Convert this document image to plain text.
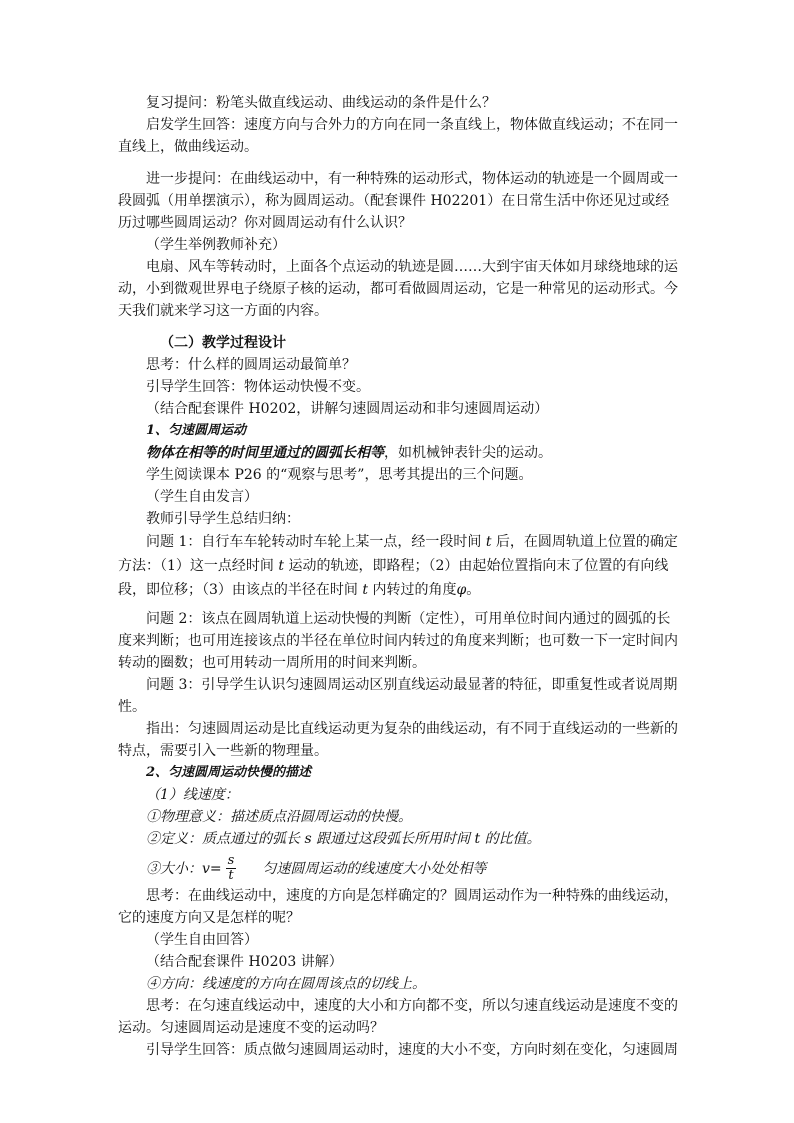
复习提问：粉笔头做直线运动、曲线运动的条件是什么？

启发学生回答：速度方向与合外力的方向在同一条直线上，物体做直线运动；不在同一直线上，做曲线运动。

进一步提问：在曲线运动中，有一种特殊的运动形式，物体运动的轨迹是一个圆周或一段圆弧（用单摆演示），称为圆周运动。（配套课件 H02201）在日常生活中你还见过或经历过哪些圆周运动？你对圆周运动有什么认识？

（学生举例教师补充）

电扇、风车等转动时，上面各个点运动的轨迹是圆……大到宇宙天体如月球绕地球的运动，小到微观世界电子绕原子核的运动，都可看做圆周运动，它是一种常见的运动形式。今天我们就来学习这一方面的内容。

（二）教学过程设计

思考：什么样的圆周运动最简单？

引导学生回答：物体运动快慢不变。

（结合配套课件 H0202，讲解匀速圆周运动和非匀速圆周运动）

1、匀速圆周运动

物体在相等的时间里通过的圆弧长相等，如机械钟表针尖的运动。

学生阅读课本 P26 的“观察与思考”，思考其提出的三个问题。

（学生自由发言）

教师引导学生总结归纳：

问题 1：自行车车轮转动时车轮上某一点，经一段时间 t 后，在圆周轨道上位置的确定方法：（1）这一点经时间 t 运动的轨迹，即路程；（2）由起始位置指向末了位置的有向线段，即位移；（3）由该点的半径在时间 t 内转过的角度φ。

问题 2：该点在圆周轨道上运动快慢的判断（定性），可用单位时间内通过的圆弧的长度来判断；也可用连接该点的半径在单位时间内转过的角度来判断；也可数一下一定时间内转动的圈数；也可用转动一周所用的时间来判断。

问题 3：引导学生认识匀速圆周运动区别直线运动最显著的特征，即重复性或者说周期性。

指出：匀速圆周运动是比直线运动更为复杂的曲线运动，有不同于直线运动的一些新的特点，需要引入一些新的物理量。

2、匀速圆周运动快慢的描述

（1）线速度：

①物理意义：描述质点沿圆周运动的快慢。

②定义：质点通过的弧长 s 跟通过这段弧长所用时间 t 的比值。

③大小： $v = \frac{s}{t}$ 匀速圆周运动的线速度大小处处相等

思考：在曲线运动中，速度的方向是怎样确定的？圆周运动作为一种特殊的曲线运动，它的速度方向又是怎样的呢？

（学生自由回答）

（结合配套课件 H0203 讲解）

④方向：线速度的方向在圆周该点的切线上。

思考：在匀速直线运动中，速度的大小和方向都不变，所以匀速直线运动是速度不变的运动。匀速圆周运动是速度不变的运动吗？

引导学生回答：质点做匀速圆周运动时，速度的大小不变，方向时刻在变化，匀速圆周
